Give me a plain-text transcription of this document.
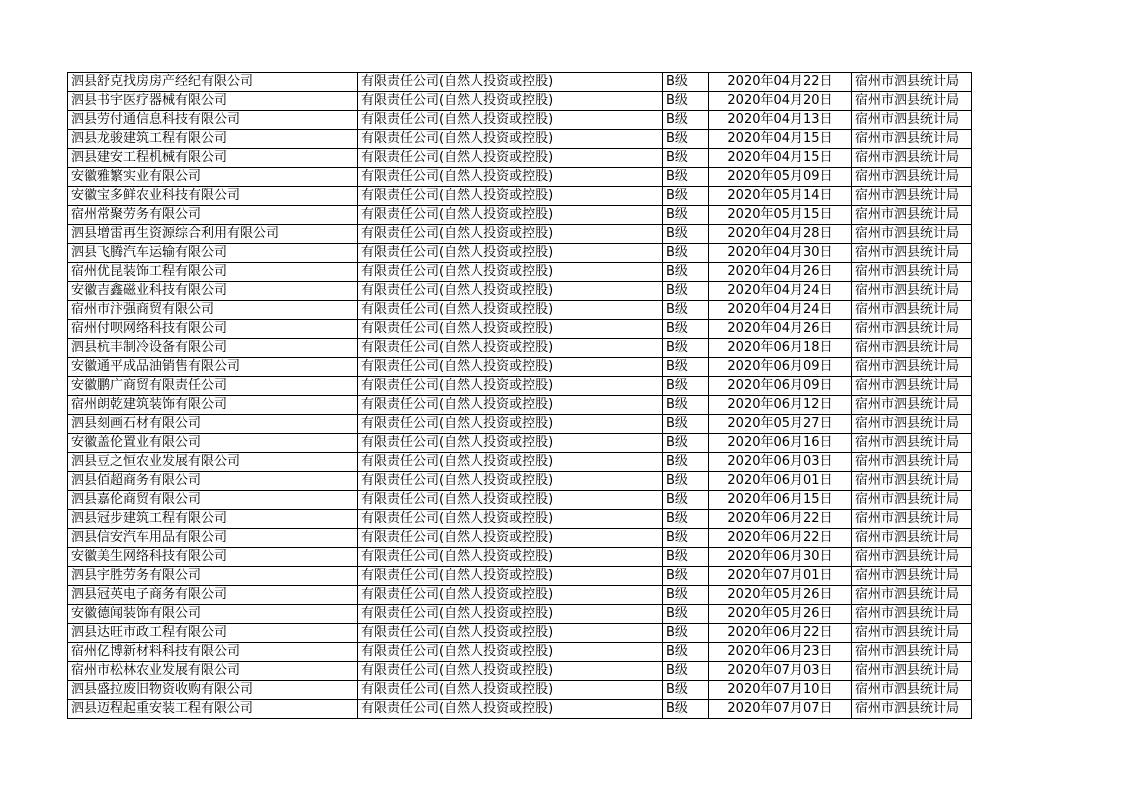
泗县舒克找房房产经纪有限公司	有限责任公司(自然人投资或控股)	B级	2020年04月22日	宿州市泗县统计局
泗县书宇医疗器械有限公司	有限责任公司(自然人投资或控股)	B级	2020年04月20日	宿州市泗县统计局
泗县劳付通信息科技有限公司	有限责任公司(自然人投资或控股)	B级	2020年04月13日	宿州市泗县统计局
泗县龙骏建筑工程有限公司	有限责任公司(自然人投资或控股)	B级	2020年04月15日	宿州市泗县统计局
泗县建安工程机械有限公司	有限责任公司(自然人投资或控股)	B级	2020年04月15日	宿州市泗县统计局
安徽雅繁实业有限公司	有限责任公司(自然人投资或控股)	B级	2020年05月09日	宿州市泗县统计局
安徽宝多鲜农业科技有限公司	有限责任公司(自然人投资或控股)	B级	2020年05月14日	宿州市泗县统计局
宿州常聚劳务有限公司	有限责任公司(自然人投资或控股)	B级	2020年05月15日	宿州市泗县统计局
泗县增雷再生资源综合利用有限公司	有限责任公司(自然人投资或控股)	B级	2020年04月28日	宿州市泗县统计局
泗县飞腾汽车运输有限公司	有限责任公司(自然人投资或控股)	B级	2020年04月30日	宿州市泗县统计局
宿州优昆装饰工程有限公司	有限责任公司(自然人投资或控股)	B级	2020年04月26日	宿州市泗县统计局
安徽吉鑫磁业科技有限公司	有限责任公司(自然人投资或控股)	B级	2020年04月24日	宿州市泗县统计局
宿州市汴强商贸有限公司	有限责任公司(自然人投资或控股)	B级	2020年04月24日	宿州市泗县统计局
宿州付呗网络科技有限公司	有限责任公司(自然人投资或控股)	B级	2020年04月26日	宿州市泗县统计局
泗县杭丰制冷设备有限公司	有限责任公司(自然人投资或控股)	B级	2020年06月18日	宿州市泗县统计局
安徽通平成品油销售有限公司	有限责任公司(自然人投资或控股)	B级	2020年06月09日	宿州市泗县统计局
安徽鹏广商贸有限责任公司	有限责任公司(自然人投资或控股)	B级	2020年06月09日	宿州市泗县统计局
宿州朗乾建筑装饰有限公司	有限责任公司(自然人投资或控股)	B级	2020年06月12日	宿州市泗县统计局
泗县刻画石材有限公司	有限责任公司(自然人投资或控股)	B级	2020年05月27日	宿州市泗县统计局
安徽盖伦置业有限公司	有限责任公司(自然人投资或控股)	B级	2020年06月16日	宿州市泗县统计局
泗县豆之恒农业发展有限公司	有限责任公司(自然人投资或控股)	B级	2020年06月03日	宿州市泗县统计局
泗县佰超商务有限公司	有限责任公司(自然人投资或控股)	B级	2020年06月01日	宿州市泗县统计局
泗县嘉伦商贸有限公司	有限责任公司(自然人投资或控股)	B级	2020年06月15日	宿州市泗县统计局
泗县冠步建筑工程有限公司	有限责任公司(自然人投资或控股)	B级	2020年06月22日	宿州市泗县统计局
泗县信安汽车用品有限公司	有限责任公司(自然人投资或控股)	B级	2020年06月22日	宿州市泗县统计局
安徽美生网络科技有限公司	有限责任公司(自然人投资或控股)	B级	2020年06月30日	宿州市泗县统计局
泗县宇胜劳务有限公司	有限责任公司(自然人投资或控股)	B级	2020年07月01日	宿州市泗县统计局
泗县冠英电子商务有限公司	有限责任公司(自然人投资或控股)	B级	2020年05月26日	宿州市泗县统计局
安徽德闻装饰有限公司	有限责任公司(自然人投资或控股)	B级	2020年05月26日	宿州市泗县统计局
泗县达旺市政工程有限公司	有限责任公司(自然人投资或控股)	B级	2020年06月22日	宿州市泗县统计局
宿州亿博新材料科技有限公司	有限责任公司(自然人投资或控股)	B级	2020年06月23日	宿州市泗县统计局
宿州市松林农业发展有限公司	有限责任公司(自然人投资或控股)	B级	2020年07月03日	宿州市泗县统计局
泗县盛拉废旧物资收购有限公司	有限责任公司(自然人投资或控股)	B级	2020年07月10日	宿州市泗县统计局
泗县迈程起重安装工程有限公司	有限责任公司(自然人投资或控股)	B级	2020年07月07日	宿州市泗县统计局
